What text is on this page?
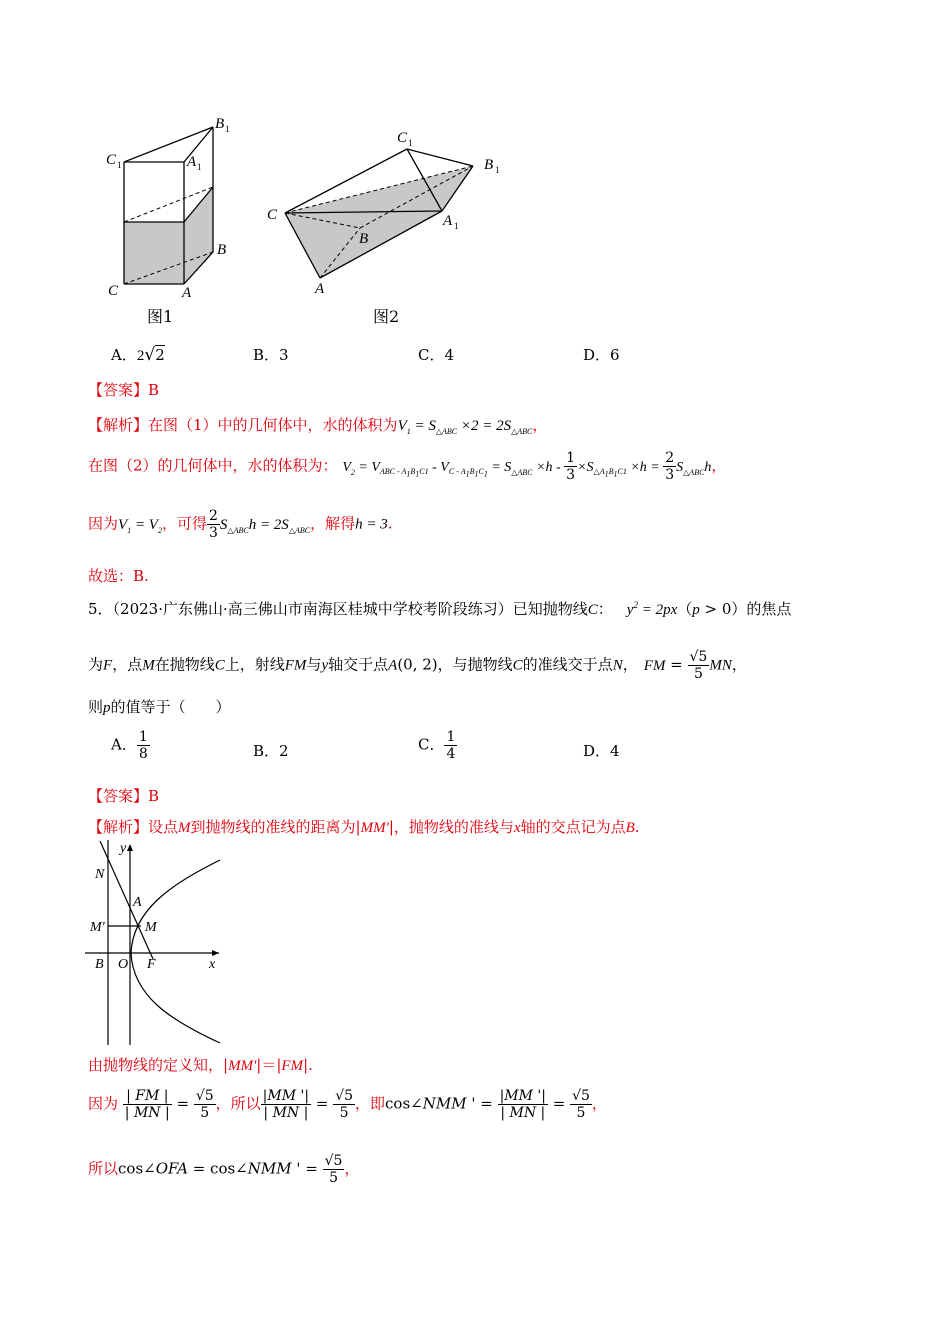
B 1
C 1	A 1
B
C	A
图1
C 1
B 1
C	A 1
B
A
图2
A．2√2	B．3	C．4	D．6
【答案】B
【解析】在图（1）中的几何体中，水的体积为$V_1 = S_{\triangle ABC} \times 2 = 2S_{\triangle ABC}$，
在图（2）的几何体中，水的体积为： $V_2 = V_{ABC - A_1B_1C1} - V_{C - A_1B_1C_1} = S_{\triangle ABC} \times h - \frac{1}{3} \times S_{\triangle A_1B_1C1} \times h = \frac{2}{3} S_{\triangle ABC}h$，
因为$V_1 = V_2$，可得 $\frac{2}{3} S_{\triangle ABC}h = 2S_{\triangle ABC}$，解得h = 3.
故选：B.
5．（2023·广东佛山·高三佛山市南海区桂城中学校考阶段练习）已知抛物线C： $y^2 = 2px(p > 0)$的焦点
为F，点M在抛物线C上，射线FM与y轴交于点A(0, 2)，与抛物线C的准线交于点N， FM = $\frac{√5}{5}$ MN，
则p的值等于（　　）
A． $\frac{1}{8}$	B．2	C． $\frac{1}{4}$	D．4
【答案】B
【解析】设点M到抛物线的准线的距离为|MM'|，抛物线的准线与x轴的交点记为点B.
y
N
A
M'	M
B O F	x
由抛物线的定义知，|MM'|＝|FM|.
因为 $\frac{| FM |}{| MN |} = \frac{√5}{5}$ ，所以 $\frac{|MM '|}{| MN |} = \frac{√5}{5}$ ，即cos∠NMM ' = $\frac{|MM '|}{| MN |} = \frac{√5}{5}$ ，
所以cos∠OFA = cos∠NMM ' = $\frac{√5}{5}$ ，
